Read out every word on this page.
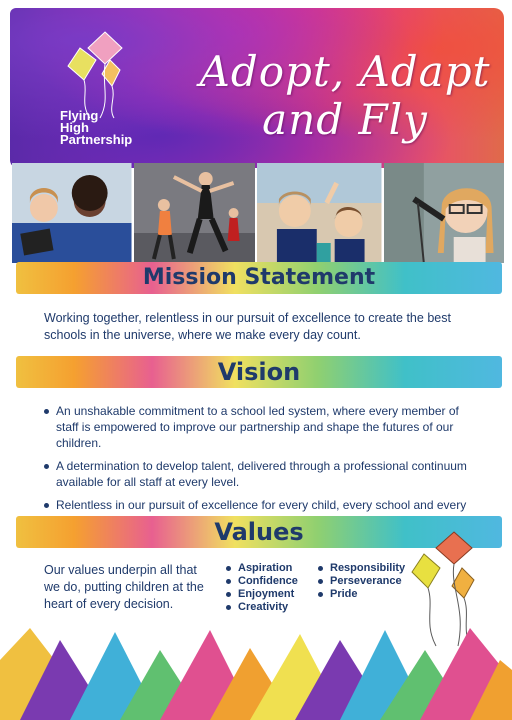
Flying
High
Partnership
Adopt, Adapt
and Fly
Mission Statement

Working together, relentless in our pursuit of excellence to create the best schools in the universe, where we make every day count.

Vision
An unshakable commitment to a school led system, where every member of staff is empowered to improve our partnership and shape the futures of our children.
A determination to develop talent, delivered through a professional continuum available for all staff at every level.
Relentless in our pursuit of excellence for every child, every school and every
Values

Our values underpin all that we do, putting children at the heart of every decision.

Aspiration
Confidence
Enjoyment
Creativity
Responsibility
Perseverance
Pride
